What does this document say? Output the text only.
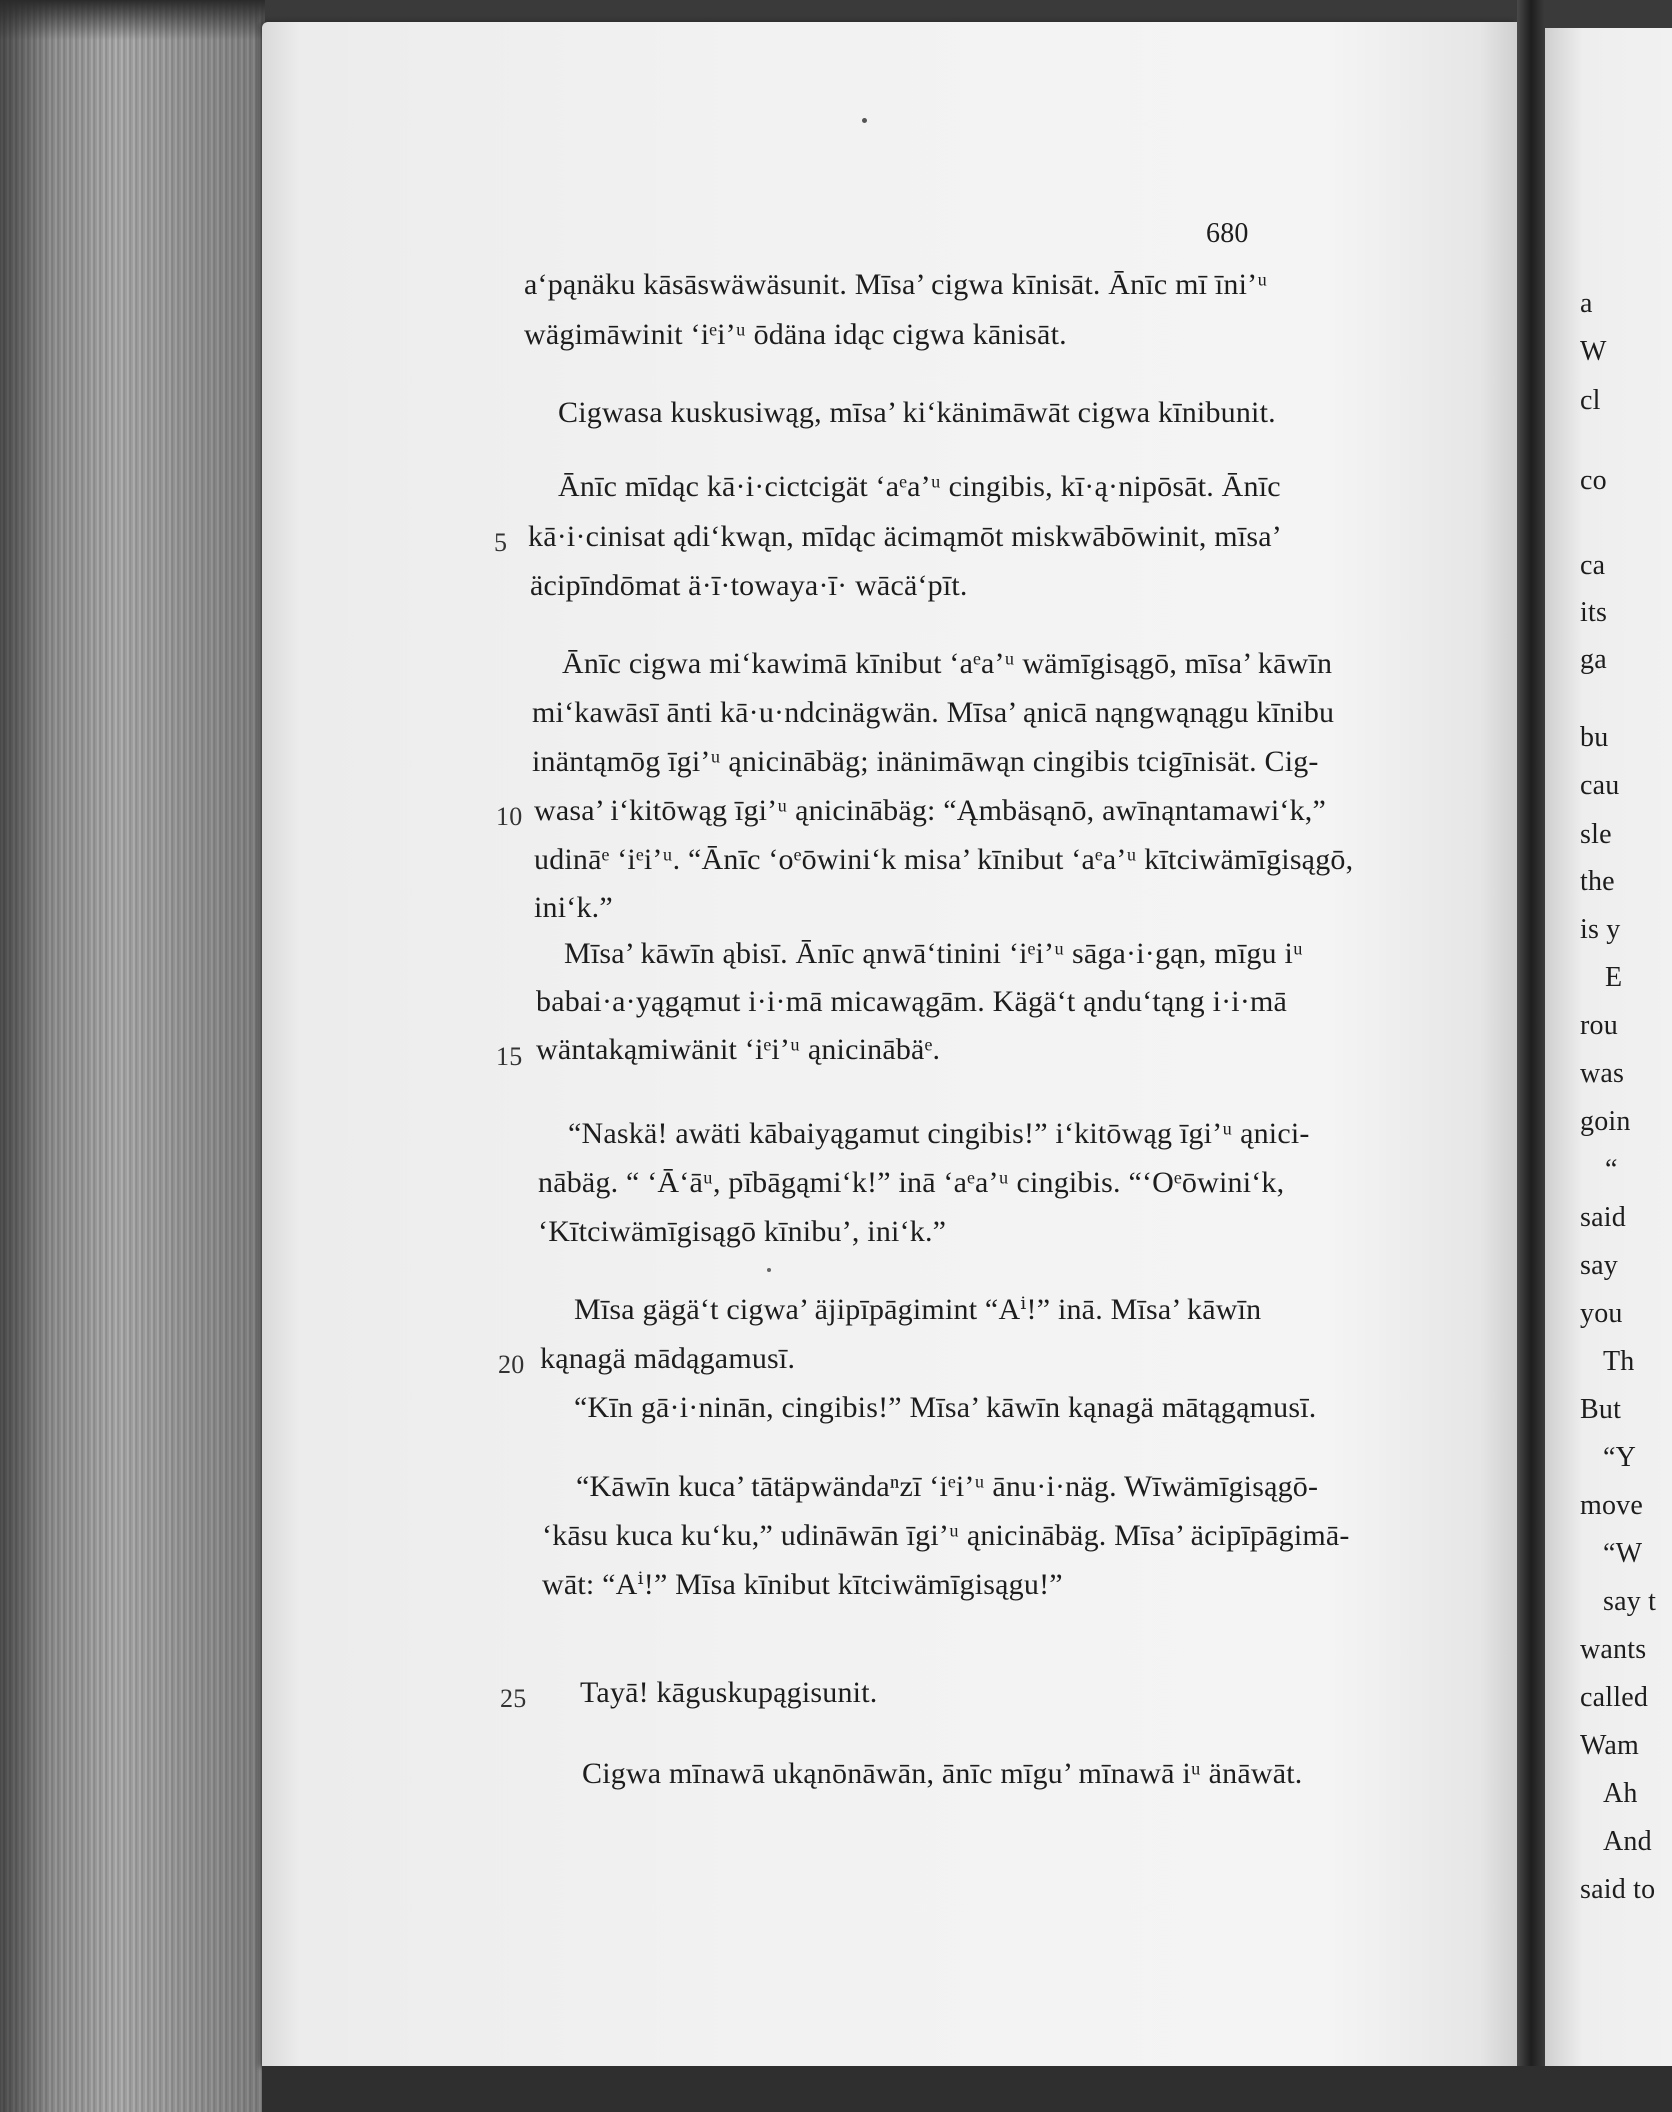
680
a‘pąnäku kāsāswäwäsunit. Mīsa’ cigwa kīnisāt. Ānīc mī īni’ᵘ
wägimāwinit ‘iᵉi’ᵘ ōdäna idąc cigwa kānisāt.
Cigwasa kuskusiwąg, mīsa’ ki‘känimāwāt cigwa kīnibunit.
Ānīc mīdąc kā·i·cictcigät ‘aᵉa’ᵘ cingibis, kī·ą·nipōsāt. Ānīc
5 kā·i·cinisat ądi‘kwąn, mīdąc äcimąmōt miskwābōwinit, mīsa’
äcipīndōmat ä·ī·towaya·ī· wācä‘pīt.
Ānīc cigwa mi‘kawimā kīnibut ‘aᵉa’ᵘ wämīgisągō, mīsa’ kāwīn
mi‘kawāsī ānti kā·u·ndcinägwän. Mīsa’ ąnicā nąngwąnągu kīnibu
inäntąmōg īgi’ᵘ ąnicinābäg; inänimāwąn cingibis tcigīnisät. Cig-
10 wasa’ i‘kitōwąg īgi’ᵘ ąnicinābäg: “Ąmbäsąnō, awīnąntamawi‘k,”
udināᵉ ‘iᵉi’ᵘ. “Ānīc ‘oᵉōwini‘k misa’ kīnibut ‘aᵉa’ᵘ kītciwämīgisągō,
ini‘k.”
Mīsa’ kāwīn ąbisī. Ānīc ąnwā‘tinini ‘iᵉi’ᵘ sāga·i·gąn, mīgu iᵘ
babai·a·yągąmut i·i·mā micawągām. Kägä‘t ąndu‘tąng i·i·mā
15 wäntakąmiwänit ‘iᵉi’ᵘ ąnicinābäᵉ.
“Naskä! awäti kābaiyągamut cingibis!” i‘kitōwąg īgi’ᵘ ąnici-
nābäg. “ ‘Ā‘āᵘ, pībāgąmi‘k!” inā ‘aᵉa’ᵘ cingibis. “‘Oᵉōwini‘k,
‘Kītciwämīgisągō kīnibu’, ini‘k.”
Mīsa gägä‘t cigwa’ äjipīpāgimint “Aⁱ!” inā. Mīsa’ kāwīn
20 kąnagä mādągamusī.
“Kīn gā·i·ninān, cingibis!” Mīsa’ kāwīn kąnagä mātągąmusī.
“Kāwīn kuca’ tātäpwändaⁿzī ‘iᵉi’ᵘ ānu·i·näg. Wīwämīgisągō-
‘kāsu kuca ku‘ku,” udināwān īgi’ᵘ ąnicinābäg. Mīsa’ äcipīpāgimā-
wāt: “Aⁱ!” Mīsa kīnibut kītciwämīgisągu!”
25 Tayā! kāguskupągisunit.
Cigwa mīnawā ukąnōnāwān, ānīc mīgu’ mīnawā iᵘ änāwāt.
a
W
cl
co
ca
its
ga
bu
cau
sle
the
is y
E
rou
was
goin
“
said
say
you
Th
But
“Y
move
“W
say t
wants
called
Wam
Ah
And
said to
